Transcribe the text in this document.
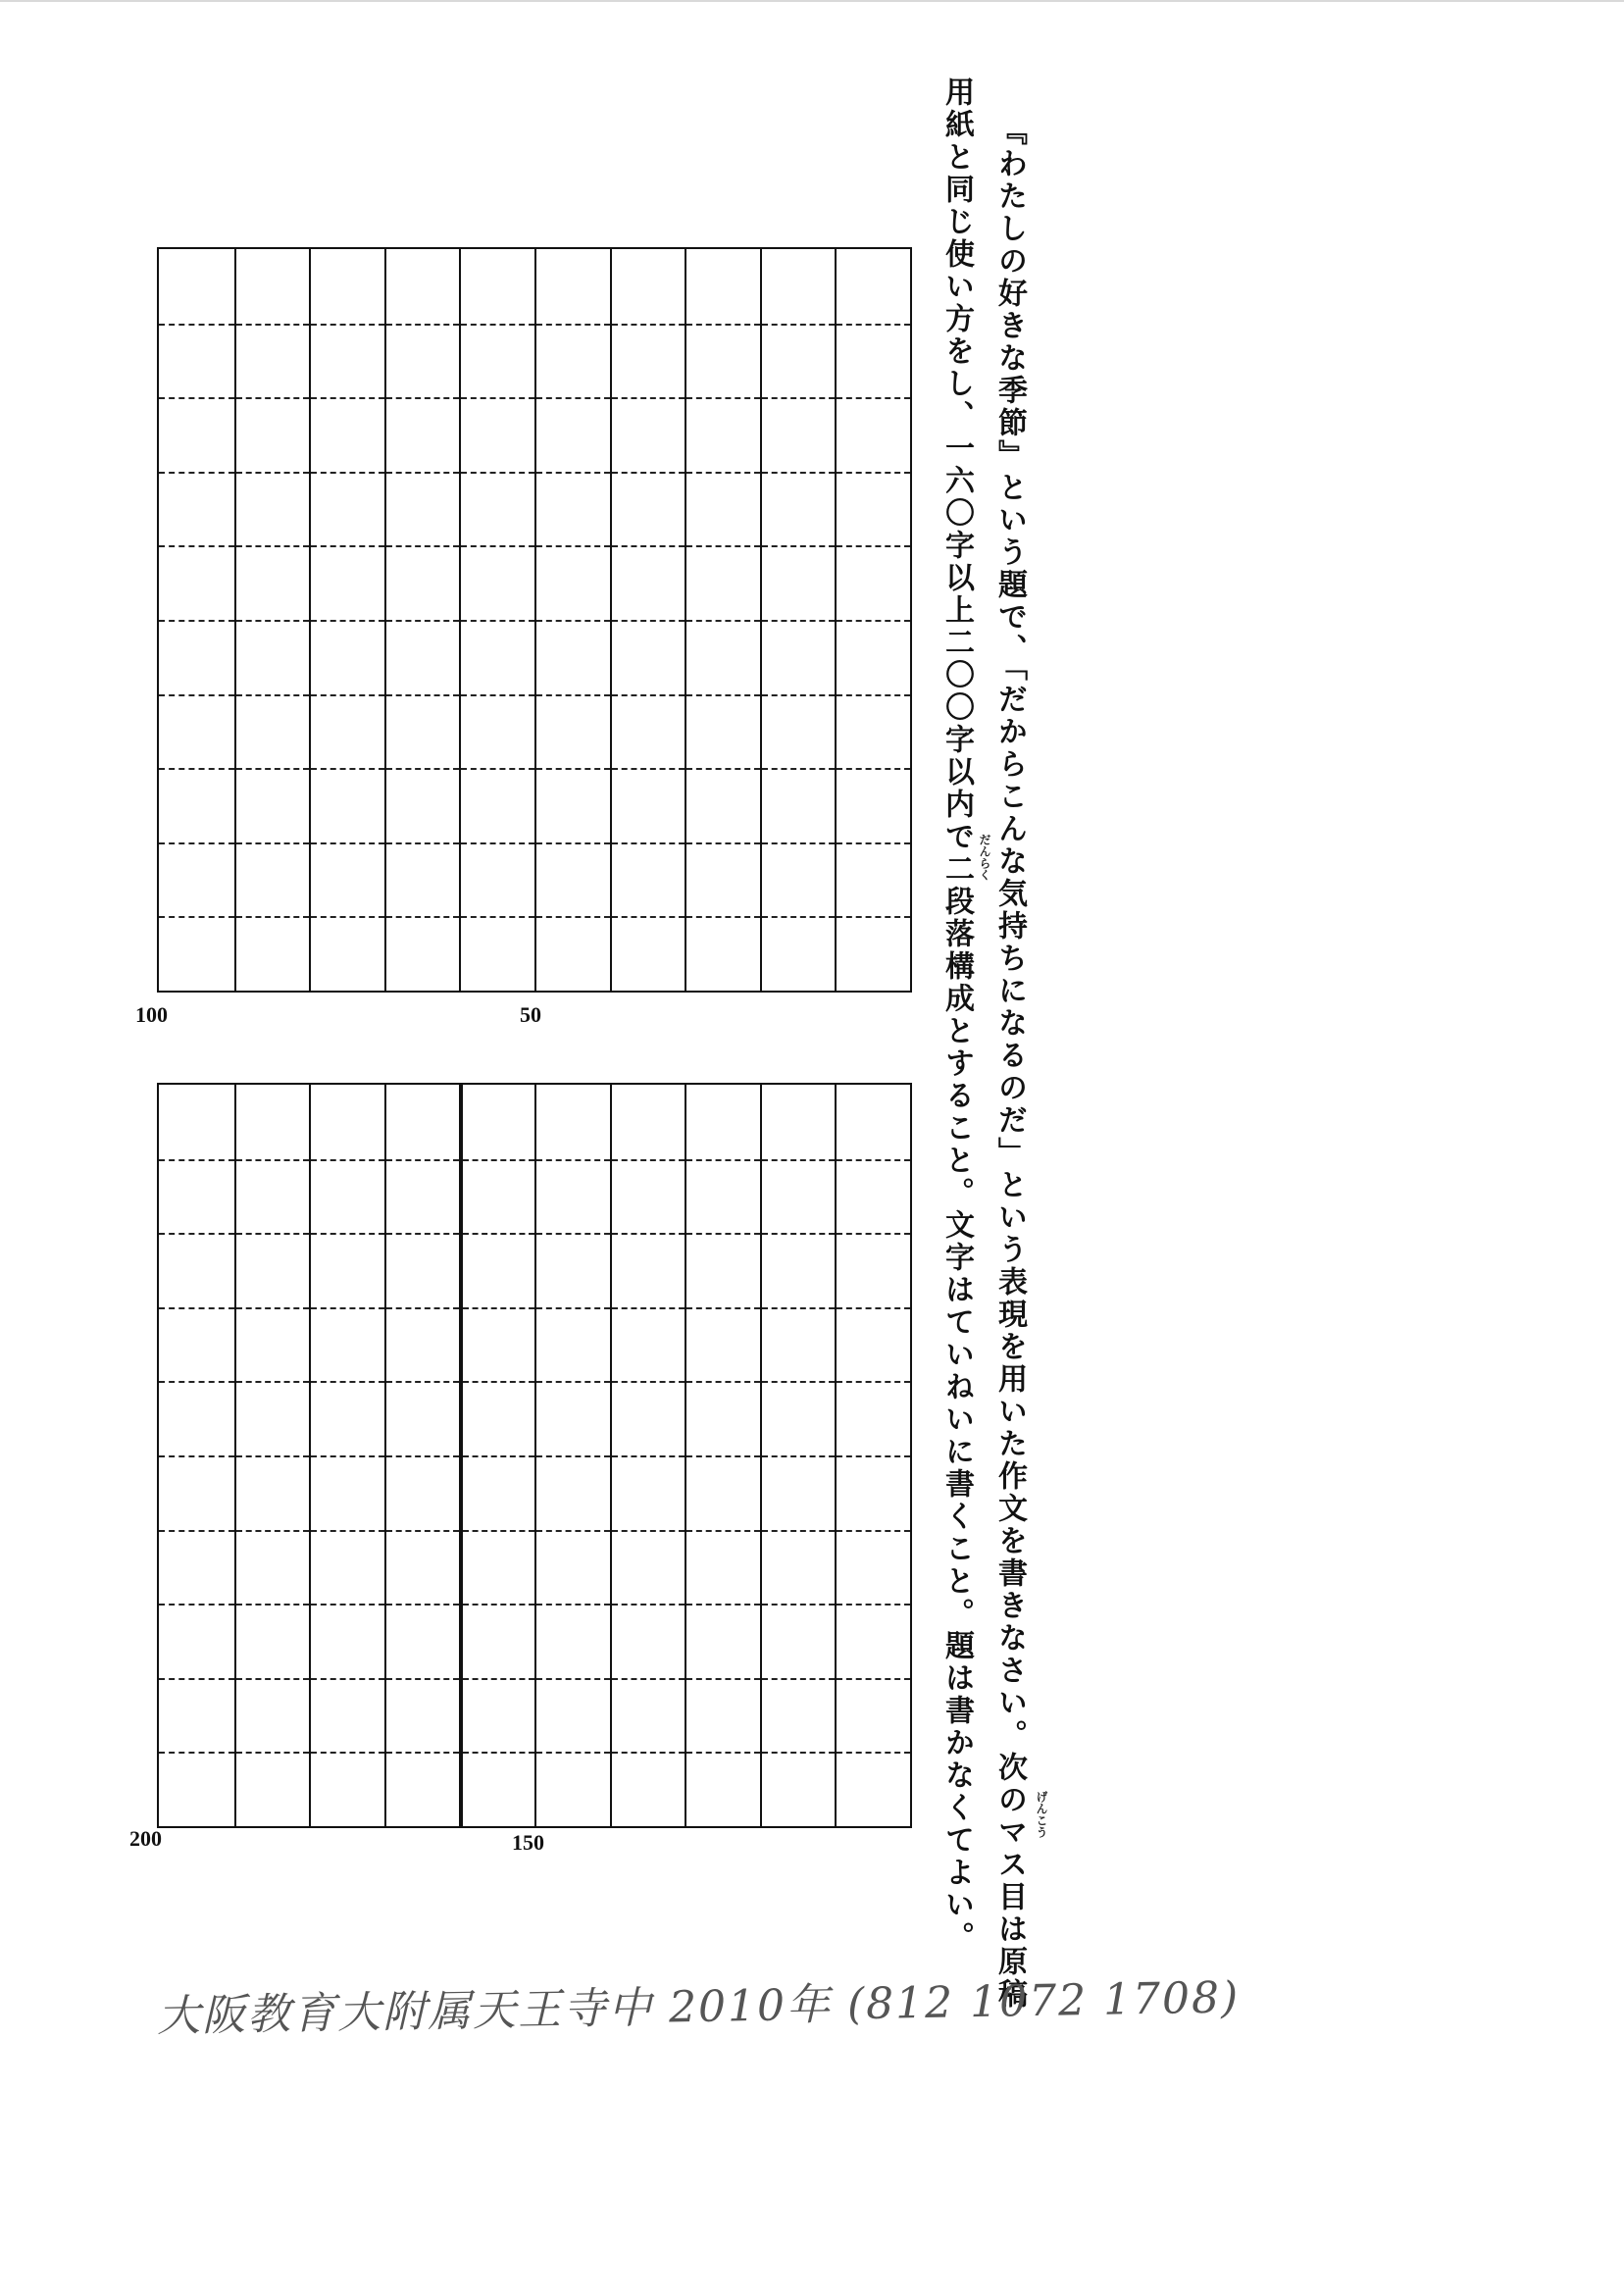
『わたしの好きな季節』という題で、「だからこんな気持ちになるのだ」という表現を用いた作文を書きなさい。次のマス目は原稿
用紙と同じ使い方をし、一六〇字以上二〇〇字以内で二段落構成とすること。文字はていねいに書くこと。題は書かなくてよい。	げんこう
だんらく
100	50
200	150
大阪教育大附属天王寺中 2010年 (812 1072 1708)
